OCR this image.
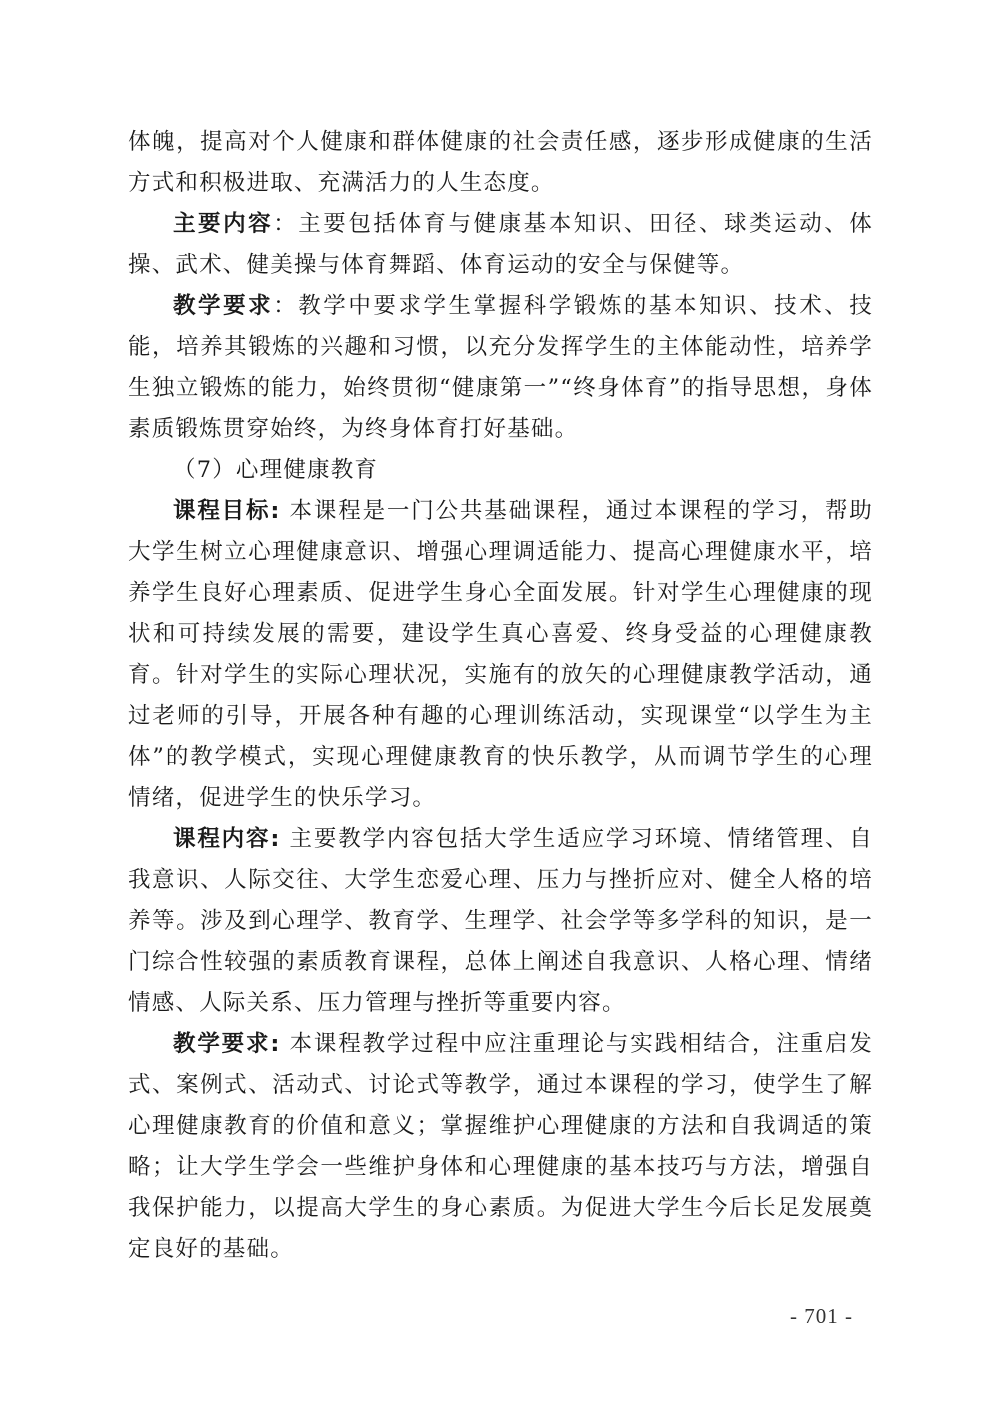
体魄，提高对个人健康和群体健康的社会责任感，逐步形成健康的生活方式和积极进取、充满活力的人生态度。

主要内容：主要包括体育与健康基本知识、田径、球类运动、体操、武术、健美操与体育舞蹈、体育运动的安全与保健等。

教学要求：教学中要求学生掌握科学锻炼的基本知识、技术、技能，培养其锻炼的兴趣和习惯，以充分发挥学生的主体能动性，培养学生独立锻炼的能力，始终贯彻“健康第一”“终身体育”的指导思想，身体素质锻炼贯穿始终，为终身体育打好基础。

（7）心理健康教育

课程目标: 本课程是一门公共基础课程，通过本课程的学习，帮助大学生树立心理健康意识、增强心理调适能力、提高心理健康水平，培养学生良好心理素质、促进学生身心全面发展。针对学生心理健康的现状和可持续发展的需要，建设学生真心喜爱、终身受益的心理健康教育。针对学生的实际心理状况，实施有的放矢的心理健康教学活动，通过老师的引导，开展各种有趣的心理训练活动，实现课堂“以学生为主体”的教学模式，实现心理健康教育的快乐教学，从而调节学生的心理情绪，促进学生的快乐学习。

课程内容: 主要教学内容包括大学生适应学习环境、情绪管理、自我意识、人际交往、大学生恋爱心理、压力与挫折应对、健全人格的培养等。涉及到心理学、教育学、生理学、社会学等多学科的知识，是一门综合性较强的素质教育课程，总体上阐述自我意识、人格心理、情绪情感、人际关系、压力管理与挫折等重要内容。

教学要求: 本课程教学过程中应注重理论与实践相结合，注重启发式、案例式、活动式、讨论式等教学，通过本课程的学习，使学生了解心理健康教育的价值和意义；掌握维护心理健康的方法和自我调适的策略；让大学生学会一些维护身体和心理健康的基本技巧与方法，增强自我保护能力，以提高大学生的身心素质。为促进大学生今后长足发展奠定良好的基础。

- 701 -
